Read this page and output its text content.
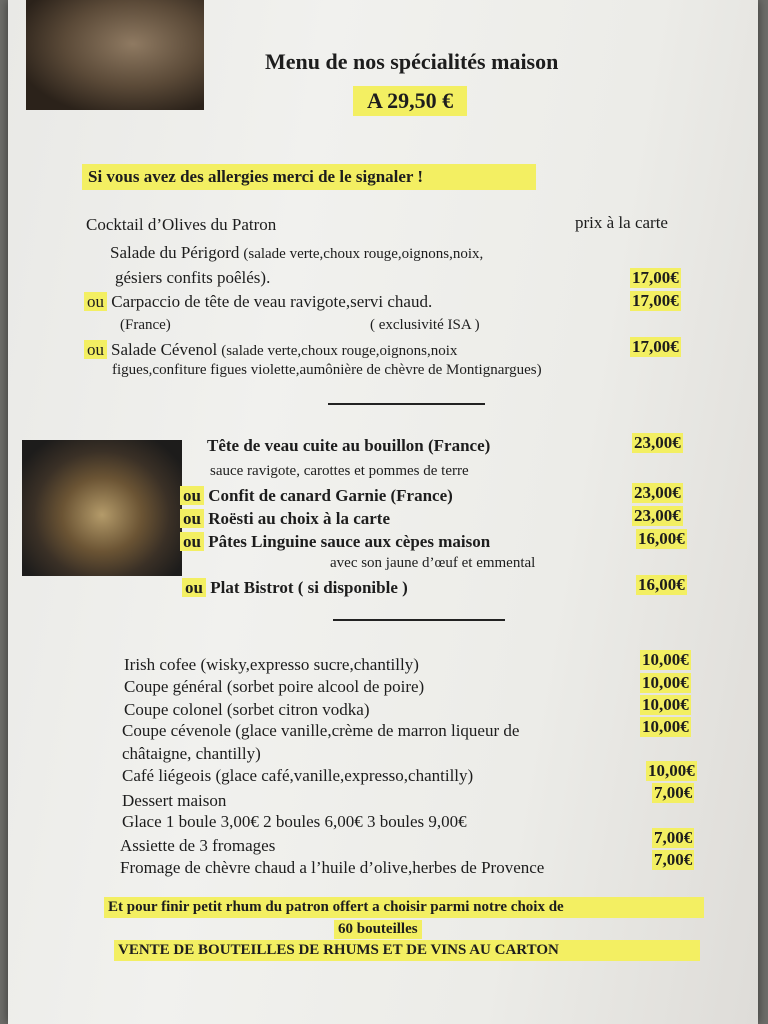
Menu de nos spécialités maison
A 29,50 €
Si vous avez des allergies merci de le signaler !
Cocktail d’Olives du Patron	prix à la carte
Salade du Périgord (salade verte,choux rouge,oignons,noix,
gésiers confits poêlés).	17,00€
ou Carpaccio de tête de veau ravigote,servi chaud.	17,00€
(France)	( exclusivité ISA )
ou Salade Cévenol (salade verte,choux rouge,oignons,noix	17,00€
figues,confiture figues violette,aumônière de chèvre de Montignargues)
Tête de veau cuite au bouillon (France)	23,00€
sauce ravigote, carottes et pommes de terre
ou Confit de canard Garnie (France)	23,00€
ou Roësti au choix à la carte	23,00€
ou Pâtes Linguine sauce aux cèpes maison	16,00€
avec son jaune d’œuf et emmental
ou Plat Bistrot ( si disponible )	16,00€
Irish cofee (wisky,expresso sucre,chantilly)	10,00€
Coupe général (sorbet poire alcool de poire)	10,00€
Coupe colonel (sorbet citron vodka)	10,00€
Coupe cévenole (glace vanille,crème de marron liqueur de	10,00€
châtaigne, chantilly)
Café liégeois (glace café,vanille,expresso,chantilly)	10,00€
Dessert maison	7,00€
Glace 1 boule 3,00€ 2 boules 6,00€ 3 boules 9,00€
Assiette de 3 fromages	7,00€
Fromage de chèvre chaud a l’huile d’olive,herbes de Provence	7,00€
Et pour finir petit rhum du patron offert a choisir parmi notre choix de
60 bouteilles
VENTE DE BOUTEILLES DE RHUMS ET DE VINS AU CARTON
